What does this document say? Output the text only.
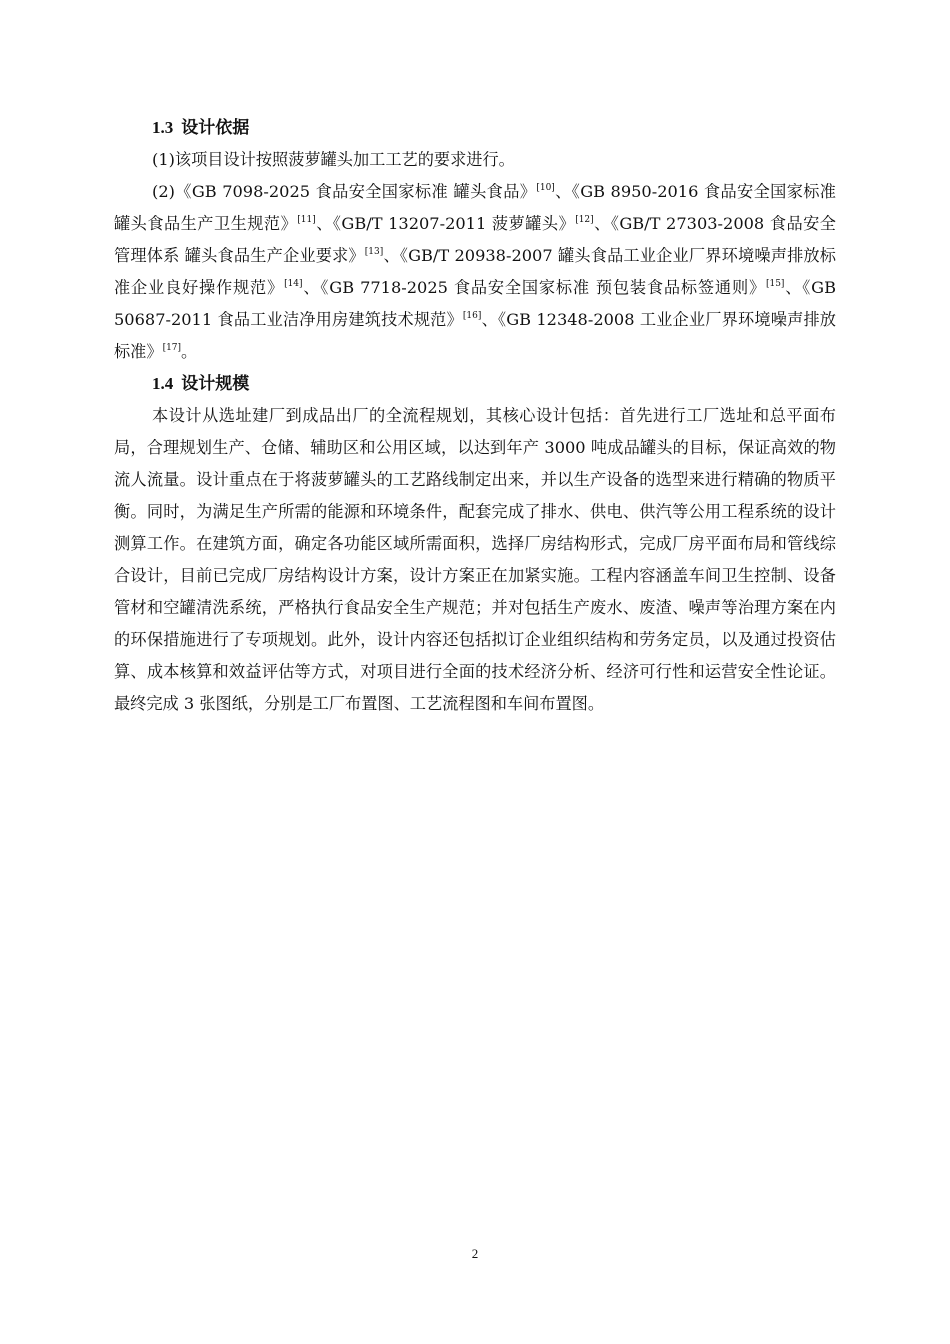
1.3 设计依据

(1)该项目设计按照菠萝罐头加工工艺的要求进行。

(2)《GB 7098-2025 食品安全国家标准 罐头食品》[10]、《GB 8950-2016 食品安全国家标准 罐头食品生产卫生规范》[11]、《GB/T 13207-2011 菠萝罐头》[12]、《GB/T 27303-2008 食品安全管理体系 罐头食品生产企业要求》[13]、《GB/T 20938-2007 罐头食品工业企业厂界环境噪声排放标准企业良好操作规范》[14]、《GB 7718-2025 食品安全国家标准 预包装食品标签通则》[15]、《GB 50687-2011 食品工业洁净用房建筑技术规范》[16]、《GB 12348-2008 工业企业厂界环境噪声排放标准》[17]。

1.4 设计规模

本设计从选址建厂到成品出厂的全流程规划，其核心设计包括：首先进行工厂选址和总平面布局，合理规划生产、仓储、辅助区和公用区域，以达到年产 3000 吨成品罐头的目标，保证高效的物流人流量。设计重点在于将菠萝罐头的工艺路线制定出来，并以生产设备的选型来进行精确的物质平衡。同时，为满足生产所需的能源和环境条件，配套完成了排水、供电、供汽等公用工程系统的设计测算工作。在建筑方面，确定各功能区域所需面积，选择厂房结构形式，完成厂房平面布局和管线综合设计，目前已完成厂房结构设计方案，设计方案正在加紧实施。工程内容涵盖车间卫生控制、设备管材和空罐清洗系统，严格执行食品安全生产规范；并对包括生产废水、废渣、噪声等治理方案在内的环保措施进行了专项规划。此外，设计内容还包括拟订企业组织结构和劳务定员，以及通过投资估算、成本核算和效益评估等方式，对项目进行全面的技术经济分析、经济可行性和运营安全性论证。最终完成 3 张图纸，分别是工厂布置图、工艺流程图和车间布置图。

2
